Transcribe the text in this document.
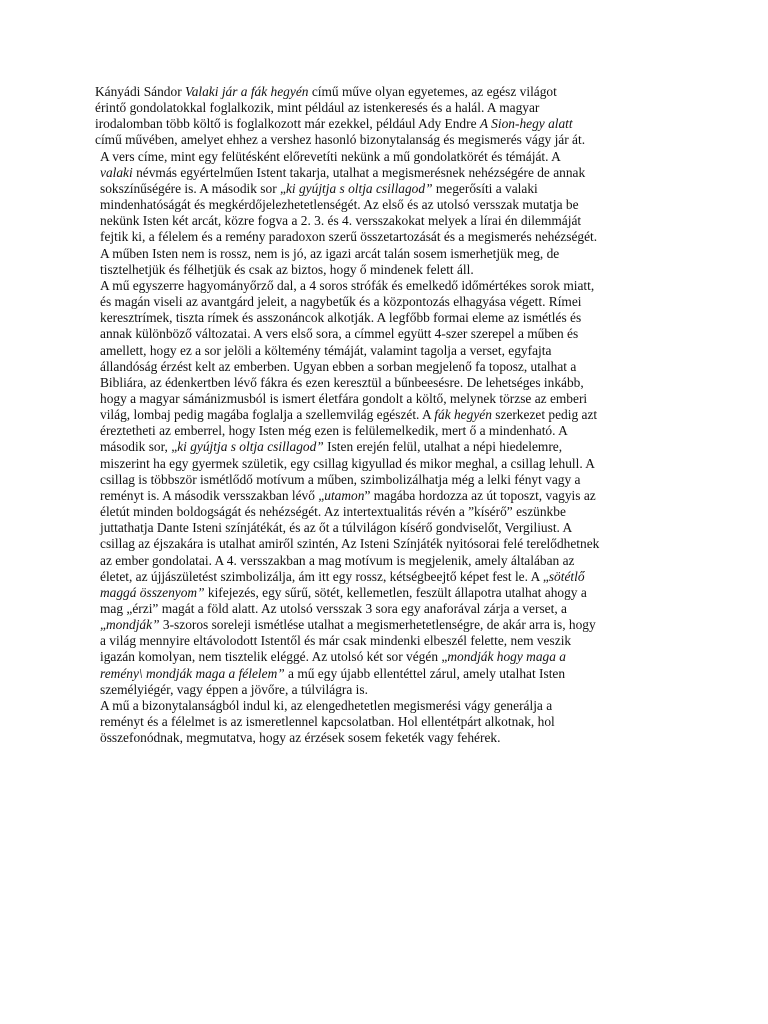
Kányádi Sándor Valaki jár a fák hegyén című műve olyan egyetemes, az egész világot
érintő gondolatokkal foglalkozik, mint például az istenkeresés és a halál. A magyar
irodalomban több költő is foglalkozott már ezekkel, például Ady Endre A Sion-hegy alatt
című művében, amelyet ehhez a vershez hasonló bizonytalanság és megismerés vágy jár át.

A vers címe, mint egy felütésként előrevetíti nekünk a mű gondolatkörét és témáját. A
valaki névmás egyértelműen Istent takarja, utalhat a megismerésnek nehézségére de annak
sokszínűségére is. A második sor „ki gyújtja s oltja csillagod” megerősíti a valaki
mindenhatóságát és megkérdőjelezhetetlenségét. Az első és az utolsó versszak mutatja be
nekünk Isten két arcát, közre fogva a 2. 3. és 4. versszakokat melyek a lírai én dilemmáját
fejtik ki, a félelem és a remény paradoxon szerű összetartozását és a megismerés nehézségét.
A műben Isten nem is rossz, nem is jó, az igazi arcát talán sosem ismerhetjük meg, de
tisztelhetjük és félhetjük és csak az biztos, hogy ő mindenek felett áll.

A mű egyszerre hagyományőrző dal, a 4 soros strófák és emelkedő időmértékes sorok miatt,
és magán viseli az avantgárd jeleit, a nagybetűk és a központozás elhagyása végett. Rímei
keresztrímek, tiszta rímek és asszonáncok alkotják. A legfőbb formai eleme az ismétlés és
annak különböző változatai. A vers első sora, a címmel együtt 4-szer szerepel a műben és
amellett, hogy ez a sor jelöli a költemény témáját, valamint tagolja a verset, egyfajta
állandóság érzést kelt az emberben. Ugyan ebben a sorban megjelenő fa toposz, utalhat a
Bibliára, az édenkertben lévő fákra és ezen keresztül a bűnbeesésre. De lehetséges inkább,
hogy a magyar sámánizmusból is ismert életfára gondolt a költő, melynek törzse az emberi
világ, lombaj pedig magába foglalja a szellemvilág egészét. A fák hegyén szerkezet pedig azt
éreztetheti az emberrel, hogy Isten még ezen is felülemelkedik, mert ő a mindenható. A
második sor, „ki gyújtja s oltja csillagod” Isten erején felül, utalhat a népi hiedelemre,
miszerint ha egy gyermek születik, egy csillag kigyullad és mikor meghal, a csillag lehull. A
csillag is többször ismétlődő motívum a műben, szimbolizálhatja még a lelki fényt vagy a
reményt is. A második versszakban lévő „utamon” magába hordozza az út toposzt, vagyis az
életút minden boldogságát és nehézségét. Az intertextualitás révén a ”kísérő” eszünkbe
juttathatja Dante Isteni színjátékát, és az őt a túlvilágon kísérő gondviselőt, Vergiliust. A
csillag az éjszakára is utalhat amiről szintén, Az Isteni Színjáték nyitósorai felé terelődhetnek
az ember gondolatai. A 4. versszakban a mag motívum is megjelenik, amely általában az
életet, az újjászületést szimbolizálja, ám itt egy rossz, kétségbeejtő képet fest le. A „sötétlő
maggá összenyom” kifejezés, egy sűrű, sötét, kellemetlen, feszült állapotra utalhat ahogy a
mag „érzi” magát a föld alatt. Az utolsó versszak 3 sora egy anaforával zárja a verset, a
„mondják” 3-szoros soreleji ismétlése utalhat a megismerhetetlenségre, de akár arra is, hogy
a világ mennyire eltávolodott Istentől és már csak mindenki elbeszél felette, nem veszik
igazán komolyan, nem tisztelik eléggé. Az utolsó két sor végén „mondják hogy maga a
remény\ mondják maga a félelem” a mű egy újabb ellentéttel zárul, amely utalhat Isten
személyiégér, vagy éppen a jövőre, a túlvilágra is.

A mű a bizonytalanságból indul ki, az elengedhetetlen megismerési vágy generálja a
reményt és a félelmet is az ismeretlennel kapcsolatban. Hol ellentétpárt alkotnak, hol
összefonódnak, megmutatva, hogy az érzések sosem feketék vagy fehérek.
